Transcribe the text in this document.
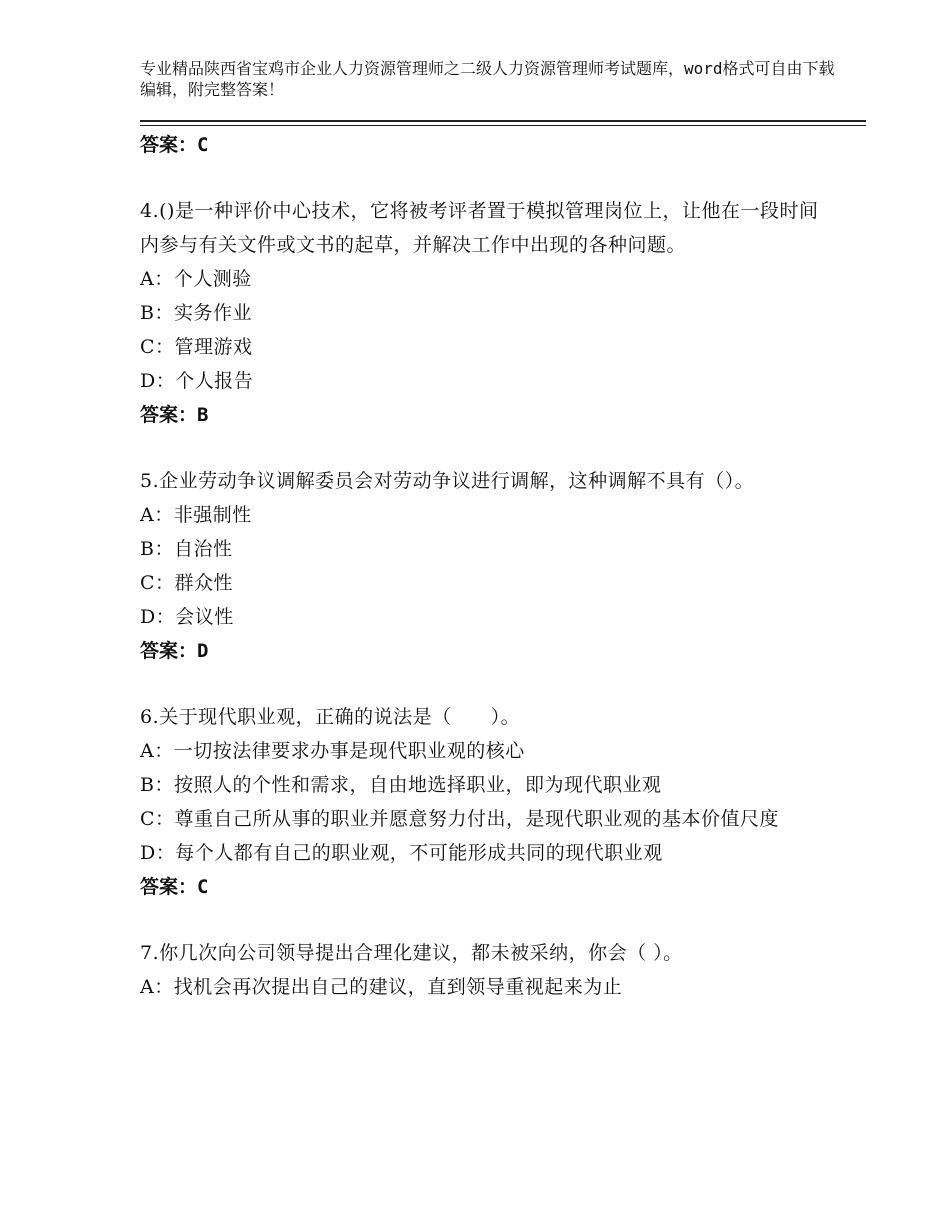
专业精品陕西省宝鸡市企业人力资源管理师之二级人力资源管理师考试题库，word格式可自由下载编辑，附完整答案！

答案：C

4.()是一种评价中心技术，它将被考评者置于模拟管理岗位上，让他在一段时间内参与有关文件或文书的起草，并解决工作中出现的各种问题。

A：个人测验

B：实务作业

C：管理游戏

D：个人报告

答案：B

5.企业劳动争议调解委员会对劳动争议进行调解，这种调解不具有（）。

A：非强制性

B：自治性

C：群众性

D：会议性

答案：D

6.关于现代职业观，正确的说法是（　　）。

A：一切按法律要求办事是现代职业观的核心

B：按照人的个性和需求，自由地选择职业，即为现代职业观

C：尊重自己所从事的职业并愿意努力付出，是现代职业观的基本价值尺度

D：每个人都有自己的职业观，不可能形成共同的现代职业观

答案：C

7.你几次向公司领导提出合理化建议，都未被采纳，你会（ ）。

A：找机会再次提出自己的建议，直到领导重视起来为止
